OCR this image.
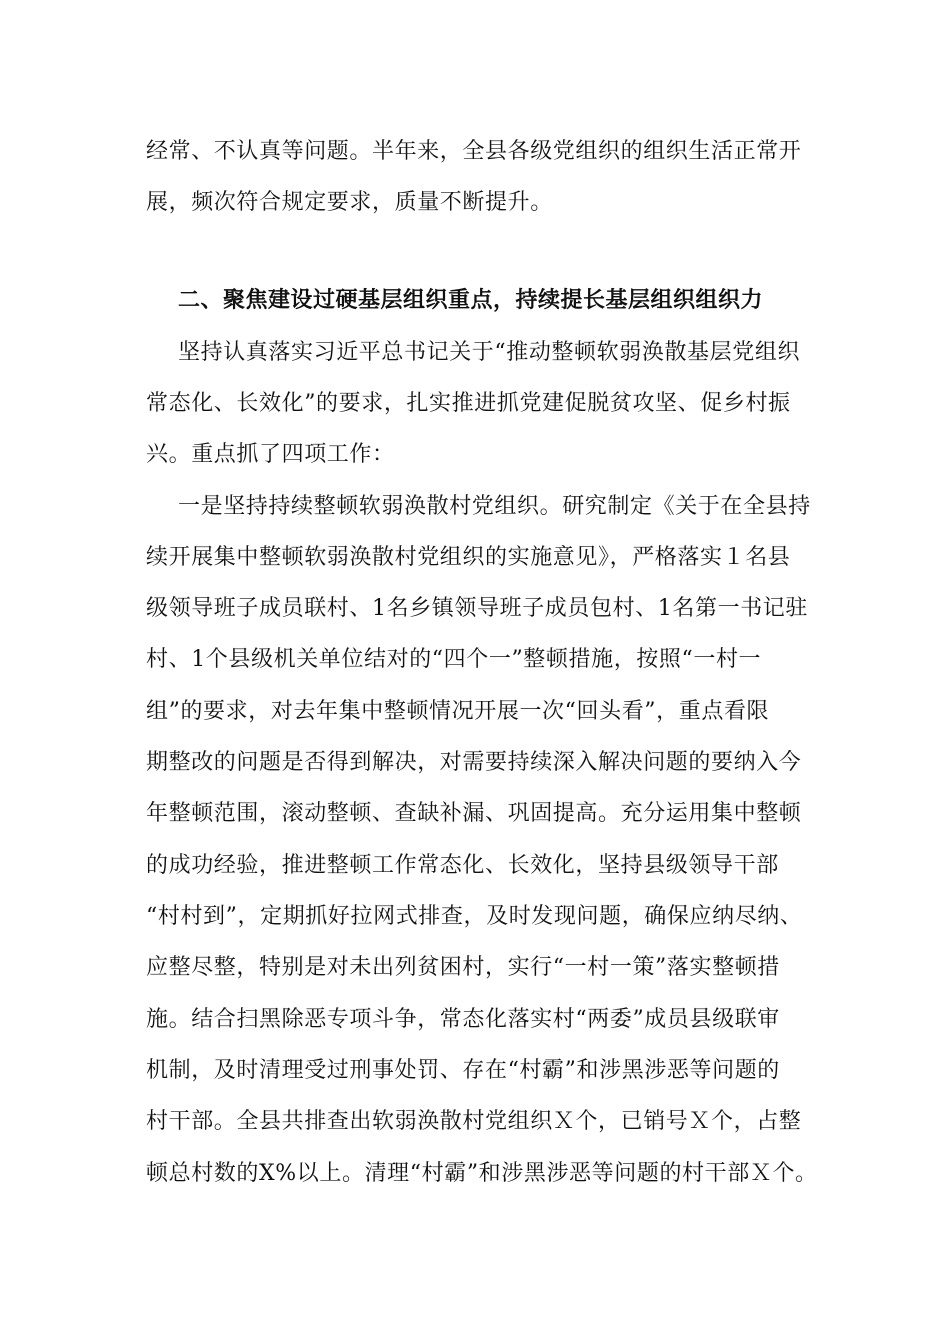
经常、不认真等问题。半年来，全县各级党组织的组织生活正常开
展，频次符合规定要求，质量不断提升。
二、聚焦建设过硬基层组织重点，持续提长基层组织组织力
坚持认真落实习近平总书记关于“推动整顿软弱涣散基层党组织
常态化、长效化”的要求，扎实推进抓党建促脱贫攻坚、促乡村振
兴。重点抓了四项工作：
一是坚持持续整顿软弱涣散村党组织。研究制定《关于在全县持
续开展集中整顿软弱涣散村党组织的实施意见》，严格落实１名县
级领导班子成员联村、1名乡镇领导班子成员包村、1名第一书记驻
村、1个县级机关单位结对的“四个一”整顿措施，按照“一村一
组”的要求，对去年集中整顿情况开展一次“回头看”，重点看限
期整改的问题是否得到解决，对需要持续深入解决问题的要纳入今
年整顿范围，滚动整顿、查缺补漏、巩固提高。充分运用集中整顿
的成功经验，推进整顿工作常态化、长效化，坚持县级领导干部
“村村到”，定期抓好拉网式排查，及时发现问题，确保应纳尽纳、
应整尽整，特别是对未出列贫困村，实行“一村一策”落实整顿措
施。结合扫黑除恶专项斗争，常态化落实村“两委”成员县级联审
机制，及时清理受过刑事处罚、存在“村霸”和涉黑涉恶等问题的
村干部。全县共排查出软弱涣散村党组织Ｘ个，已销号Ｘ个，占整
顿总村数的X%以上。清理“村霸”和涉黑涉恶等问题的村干部Ｘ个。
